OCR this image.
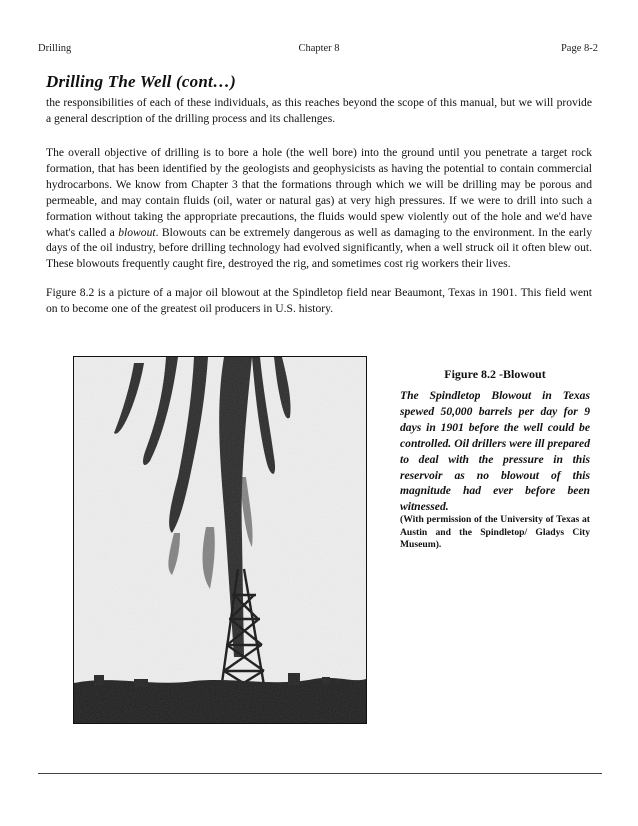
Drilling	Chapter 8	Page 8-2
Drilling The Well (cont…)

the responsibilities of each of these individuals, as this reaches beyond the scope of this manual, but we will provide a general description of the drilling process and its challenges.

The overall objective of drilling is to bore a hole (the well bore) into the ground until you penetrate a target rock formation, that has been identified by the geologists and geophysicists as having the potential to contain commercial hydrocarbons. We know from Chapter 3 that the formations through which we will be drilling may be porous and permeable, and may contain fluids (oil, water or natural gas) at very high pressures. If we were to drill into such a formation without taking the appropriate precautions, the fluids would spew violently out of the hole and we'd have what's called a blowout. Blowouts can be extremely dangerous as well as damaging to the environment. In the early days of the oil industry, before drilling technology had evolved significantly, when a well struck oil it often blew out. These blowouts frequently caught fire, destroyed the rig, and sometimes cost rig workers their lives.

Figure 8.2 is a picture of a major oil blowout at the Spindletop field near Beaumont, Texas in 1901. This field went on to become one of the greatest oil producers in U.S. history.

Figure 8.2 -Blowout

The Spindletop Blowout in Texas spewed 50,000 barrels per day for 9 days in 1901 before the well could be controlled. Oil drillers were ill prepared to deal with the pressure in this reservoir as no blowout of this magnitude had ever before been witnessed.

(With permission of the University of Texas at Austin and the Spindletop/ Gladys City Museum).
